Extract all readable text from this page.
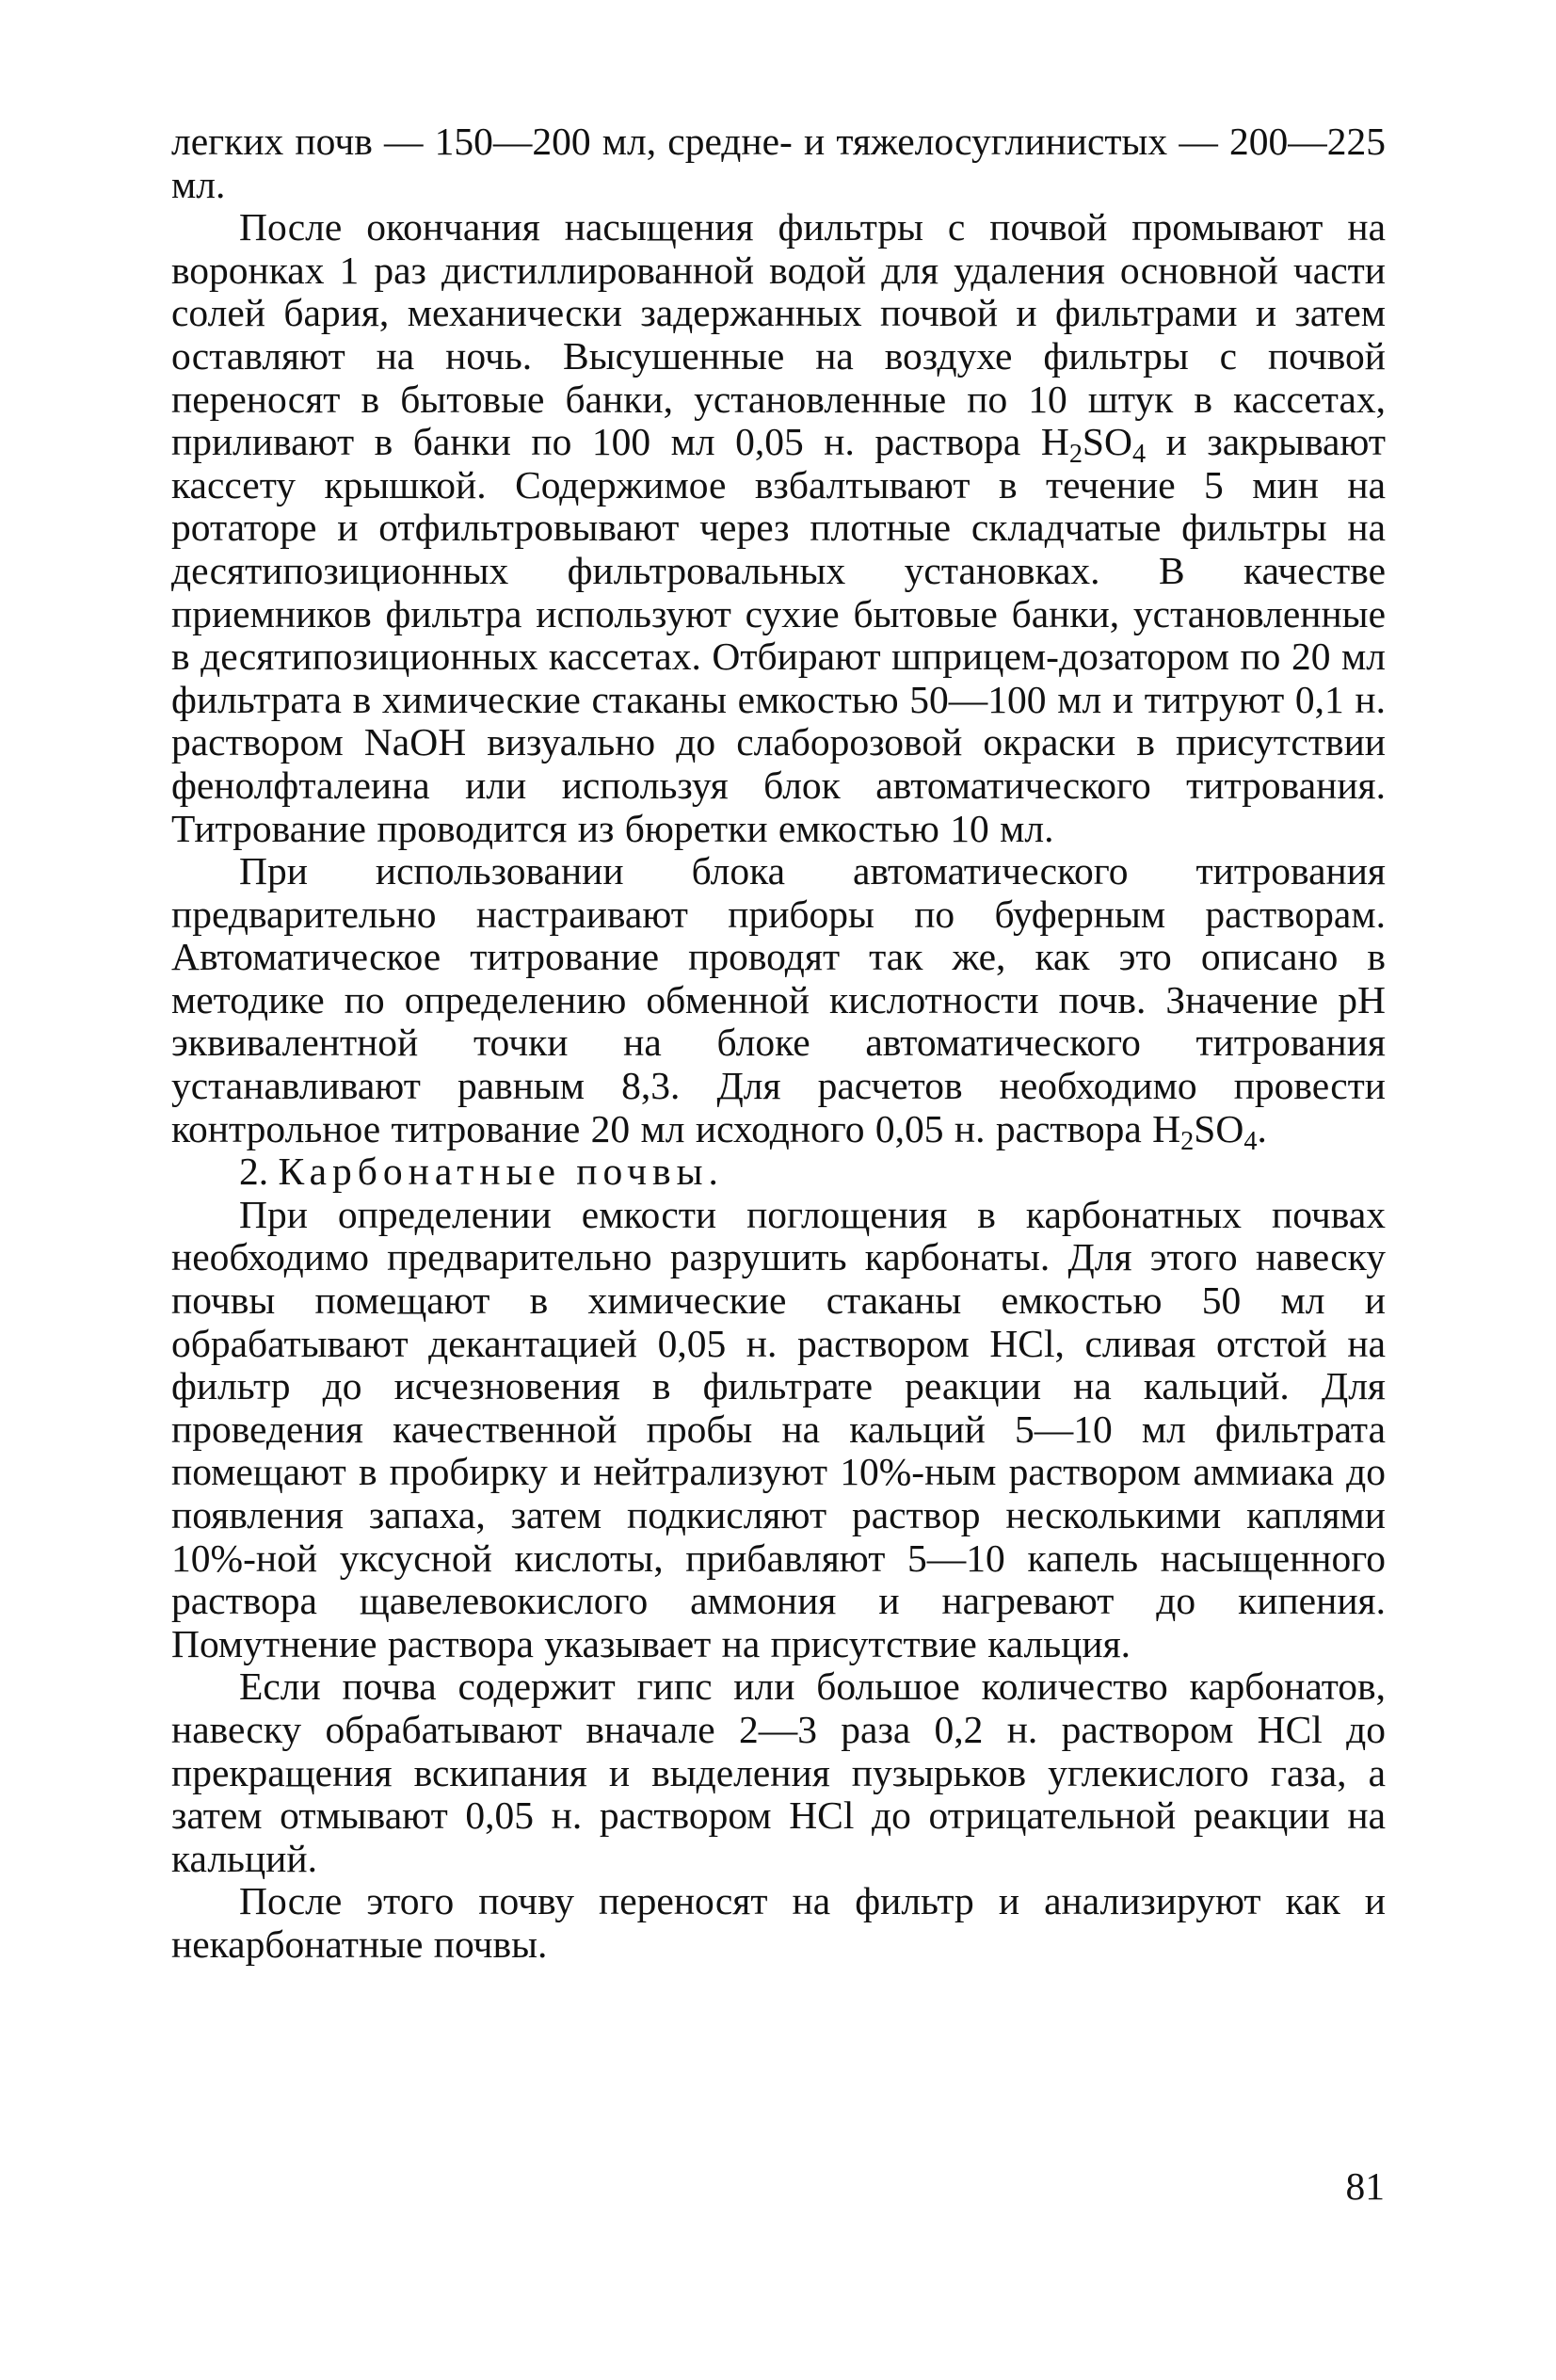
легких почв — 150—200 мл, средне- и тяжелосуглинистых — 200—225 мл.

После окончания насыщения фильтры с почвой промывают на воронках 1 раз дистиллированной водой для удаления основной части солей бария, механически задержанных почвой и фильтрами и затем оставляют на ночь. Высушенные на воздухе фильтры с почвой переносят в бытовые банки, установленные по 10 штук в кассетах, приливают в банки по 100 мл 0,05 н. раствора $H_2SO_4$ и закрывают кассету крышкой. Содержимое взбалтывают в течение 5 мин на ротаторе и отфильтровывают через плотные складчатые фильтры на десятипозиционных фильтровальных установках. В качестве приемников фильтра используют сухие бытовые банки, установленные в десятипозиционных кассетах. Отбирают шприцем-дозатором по 20 мл фильтрата в химические стаканы емкостью 50—100 мл и титруют 0,1 н. раствором NaOH визуально до слаборозовой окраски в присутствии фенолфталеина или используя блок автоматического титрования. Титрование проводится из бюретки емкостью 10 мл.

При использовании блока автоматического титрования предварительно настраивают приборы по буферным растворам. Автоматическое титрование проводят так же, как это описано в методике по определению обменной кислотности почв. Значение pH эквивалентной точки на блоке автоматического титрования устанавливают равным 8,3. Для расчетов необходимо провести контрольное титрование 20 мл исходного 0,05 н. раствора $H_2SO_4$.

2. Карбонатные почвы.

При определении емкости поглощения в карбонатных почвах необходимо предварительно разрушить карбонаты. Для этого навеску почвы помещают в химические стаканы емкостью 50 мл и обрабатывают декантацией 0,05 н. раствором HCl, сливая отстой на фильтр до исчезновения в фильтрате реакции на кальций. Для проведения качественной пробы на кальций 5—10 мл фильтрата помещают в пробирку и нейтрализуют 10%-ным раствором аммиака до появления запаха, затем подкисляют раствор несколькими каплями 10%-ной уксусной кислоты, прибавляют 5—10 капель насыщенного раствора щавелевокислого аммония и нагревают до кипения. Помутнение раствора указывает на присутствие кальция.

Если почва содержит гипс или большое количество карбонатов, навеску обрабатывают вначале 2—3 раза 0,2 н. раствором HCl до прекращения вскипания и выделения пузырьков углекислого газа, а затем отмывают 0,05 н. раствором HCl до отрицательной реакции на кальций.

После этого почву переносят на фильтр и анализируют как и некарбонатные почвы.

81
